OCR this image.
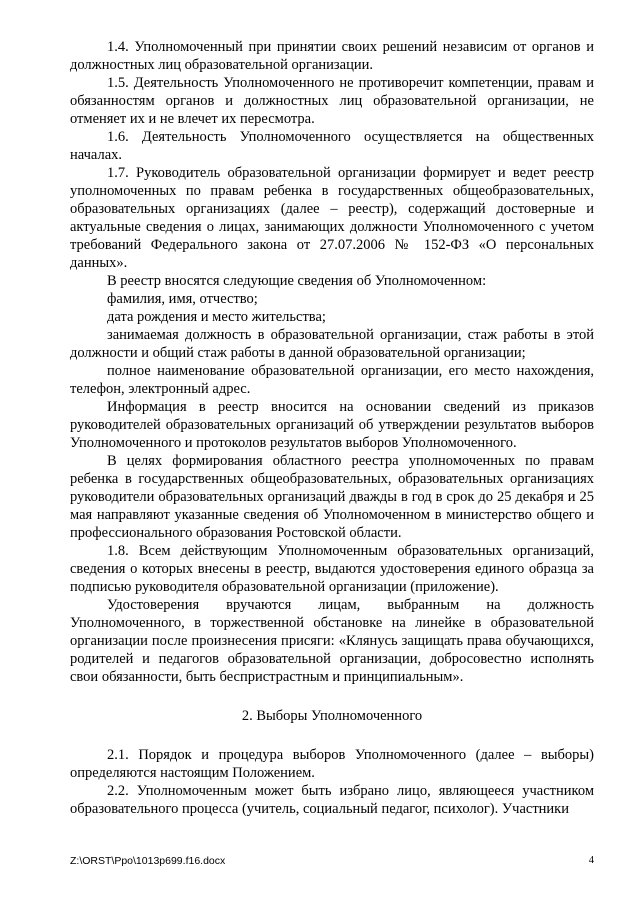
1.4. Уполномоченный при принятии своих решений независим от органов и должностных лиц образовательной организации.

1.5. Деятельность Уполномоченного не противоречит компетенции, правам и обязанностям органов и должностных лиц образовательной организации, не отменяет их и не влечет их пересмотра.

1.6. Деятельность Уполномоченного осуществляется на общественных началах.

1.7. Руководитель образовательной организации формирует и ведет реестр уполномоченных по правам ребенка в государственных общеобразовательных, образовательных организациях (далее – реестр), содержащий достоверные и актуальные сведения о лицах, занимающих должности Уполномоченного с учетом требований Федерального закона от 27.07.2006 № 152-ФЗ «О персональных данных».

В реестр вносятся следующие сведения об Уполномоченном:

фамилия, имя, отчество;

дата рождения и место жительства;

занимаемая должность в образовательной организации, стаж работы в этой должности и общий стаж работы в данной образовательной организации;

полное наименование образовательной организации, его место нахождения, телефон, электронный адрес.

Информация в реестр вносится на основании сведений из приказов руководителей образовательных организаций об утверждении результатов выборов Уполномоченного и протоколов результатов выборов Уполномоченного.

В целях формирования областного реестра уполномоченных по правам ребенка в государственных общеобразовательных, образовательных организациях руководители образовательных организаций дважды в год в срок до 25 декабря и 25 мая направляют указанные сведения об Уполномоченном в министерство общего и профессионального образования Ростовской области.

1.8. Всем действующим Уполномоченным образовательных организаций, сведения о которых внесены в реестр, выдаются удостоверения единого образца за подписью руководителя образовательной организации (приложение).

Удостоверения вручаются лицам, выбранным на должность Уполномоченного, в торжественной обстановке на линейке в образовательной организации после произнесения присяги: «Клянусь защищать права обучающихся, родителей и педагогов образовательной организации, добросовестно исполнять свои обязанности, быть беспристрастным и принципиальным».

2. Выборы Уполномоченного

2.1. Порядок и процедура выборов Уполномоченного (далее – выборы) определяются настоящим Положением.

2.2. Уполномоченным может быть избрано лицо, являющееся участником образовательного процесса (учитель, социальный педагог, психолог). Участники

Z:\ORST\Ppo\1013p699.f16.docx	4
